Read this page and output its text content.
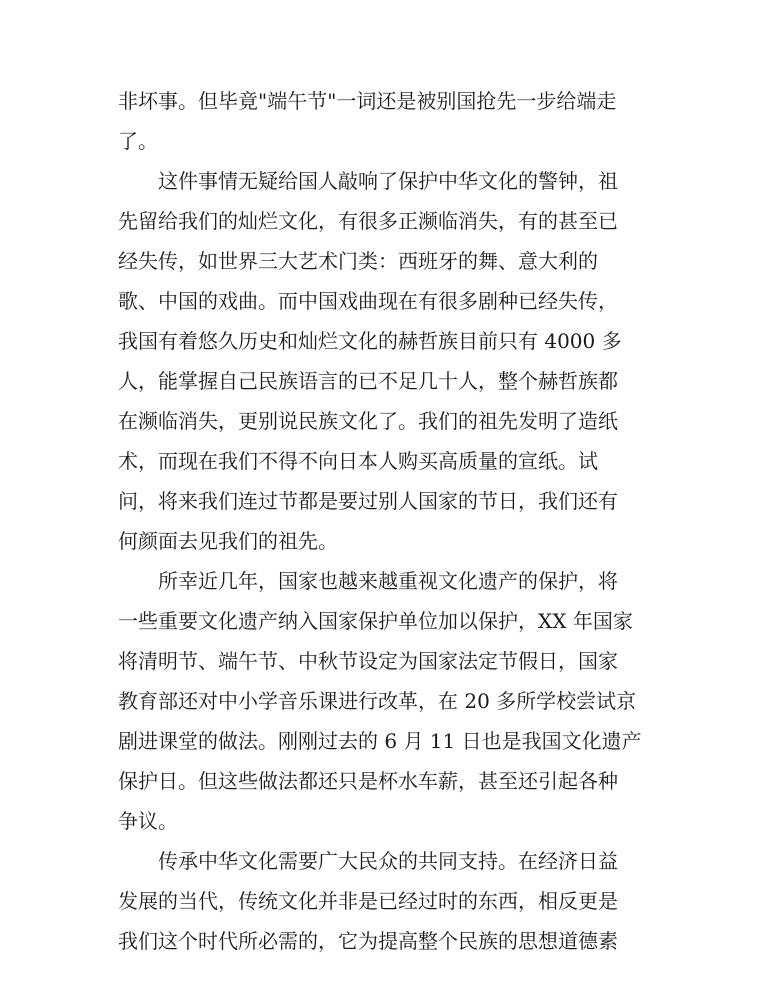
非坏事。但毕竟"端午节"一词还是被别国抢先一步给端走
了。
这件事情无疑给国人敲响了保护中华文化的警钟，祖
先留给我们的灿烂文化，有很多正濒临消失，有的甚至已
经失传，如世界三大艺术门类：西班牙的舞、意大利的
歌、中国的戏曲。而中国戏曲现在有很多剧种已经失传，
我国有着悠久历史和灿烂文化的赫哲族目前只有 4000 多
人，能掌握自己民族语言的已不足几十人，整个赫哲族都
在濒临消失，更别说民族文化了。我们的祖先发明了造纸
术，而现在我们不得不向日本人购买高质量的宣纸。试
问，将来我们连过节都是要过别人国家的节日，我们还有
何颜面去见我们的祖先。
所幸近几年，国家也越来越重视文化遗产的保护，将
一些重要文化遗产纳入国家保护单位加以保护，XX 年国家
将清明节、端午节、中秋节设定为国家法定节假日，国家
教育部还对中小学音乐课进行改革，在 20 多所学校尝试京
剧进课堂的做法。刚刚过去的 6 月 11 日也是我国文化遗产
保护日。但这些做法都还只是杯水车薪，甚至还引起各种
争议。
传承中华文化需要广大民众的共同支持。在经济日益
发展的当代，传统文化并非是已经过时的东西，相反更是
我们这个时代所必需的，它为提高整个民族的思想道德素
